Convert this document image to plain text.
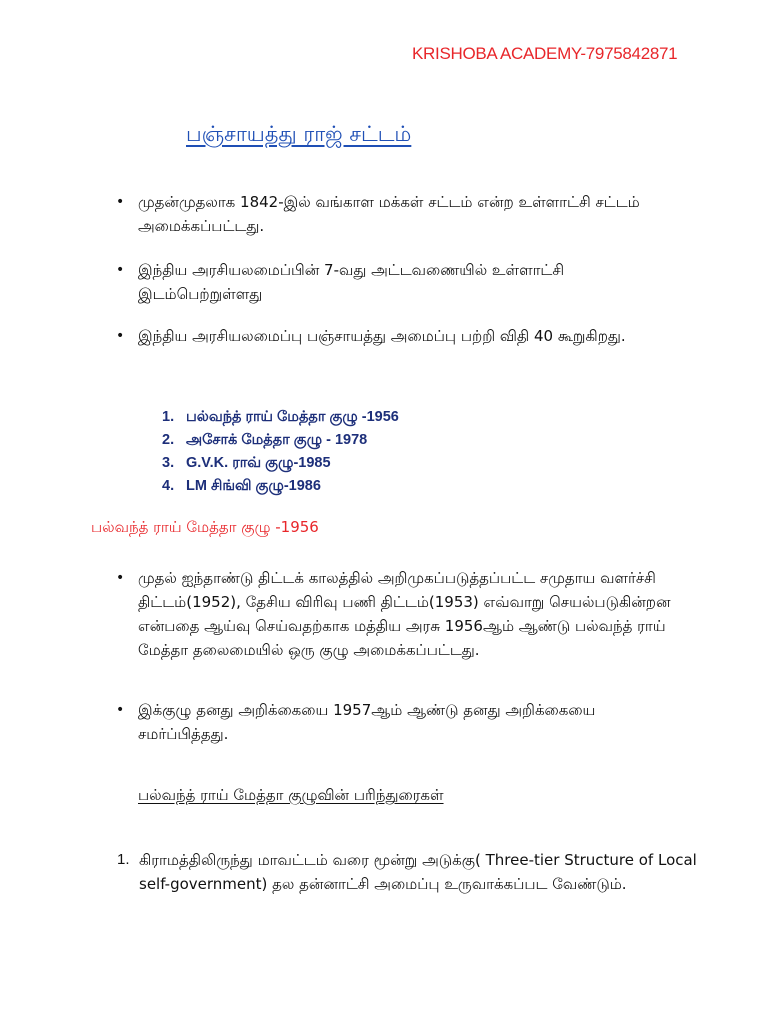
KRISHOBA ACADEMY-7975842871
பஞ்சாயத்து ராஜ் சட்டம்
• முதன்முதலாக 1842-இல் வங்காள மக்கள் சட்டம் என்ற உள்ளாட்சி சட்டம் அமைக்கப்பட்டது.
• இந்திய அரசியலமைப்பின் 7-வது அட்டவணையில் உள்ளாட்சி இடம்பெற்றுள்ளது
• இந்திய அரசியலமைப்பு பஞ்சாயத்து அமைப்பு பற்றி விதி 40 கூறுகிறது.
1. பல்வந்த் ராய் மேத்தா குழு -1956
2. அசோக் மேத்தா குழு - 1978
3. G.V.K. ராவ் குழு-1985
4. LM சிங்வி குழு-1986
பல்வந்த் ராய் மேத்தா குழு -1956
• முதல் ஐந்தாண்டு திட்டக் காலத்தில் அறிமுகப்படுத்தப்பட்ட சமுதாய வளர்ச்சி திட்டம்(1952), தேசிய விரிவு பணி திட்டம்(1953) எவ்வாறு செயல்படுகின்றன என்பதை ஆய்வு செய்வதற்காக மத்திய அரசு 1956ஆம் ஆண்டு பல்வந்த் ராய் மேத்தா தலைமையில் ஒரு குழு அமைக்கப்பட்டது.
• இக்குழு தனது அறிக்கையை 1957ஆம் ஆண்டு தனது அறிக்கையை சமர்ப்பித்தது.
பல்வந்த் ராய் மேத்தா குழுவின் பரிந்துரைகள்
1. கிராமத்திலிருந்து மாவட்டம் வரை மூன்று அடுக்கு( Three-tier Structure of Local self-government) தல தன்னாட்சி அமைப்பு உருவாக்கப்பட வேண்டும்.
